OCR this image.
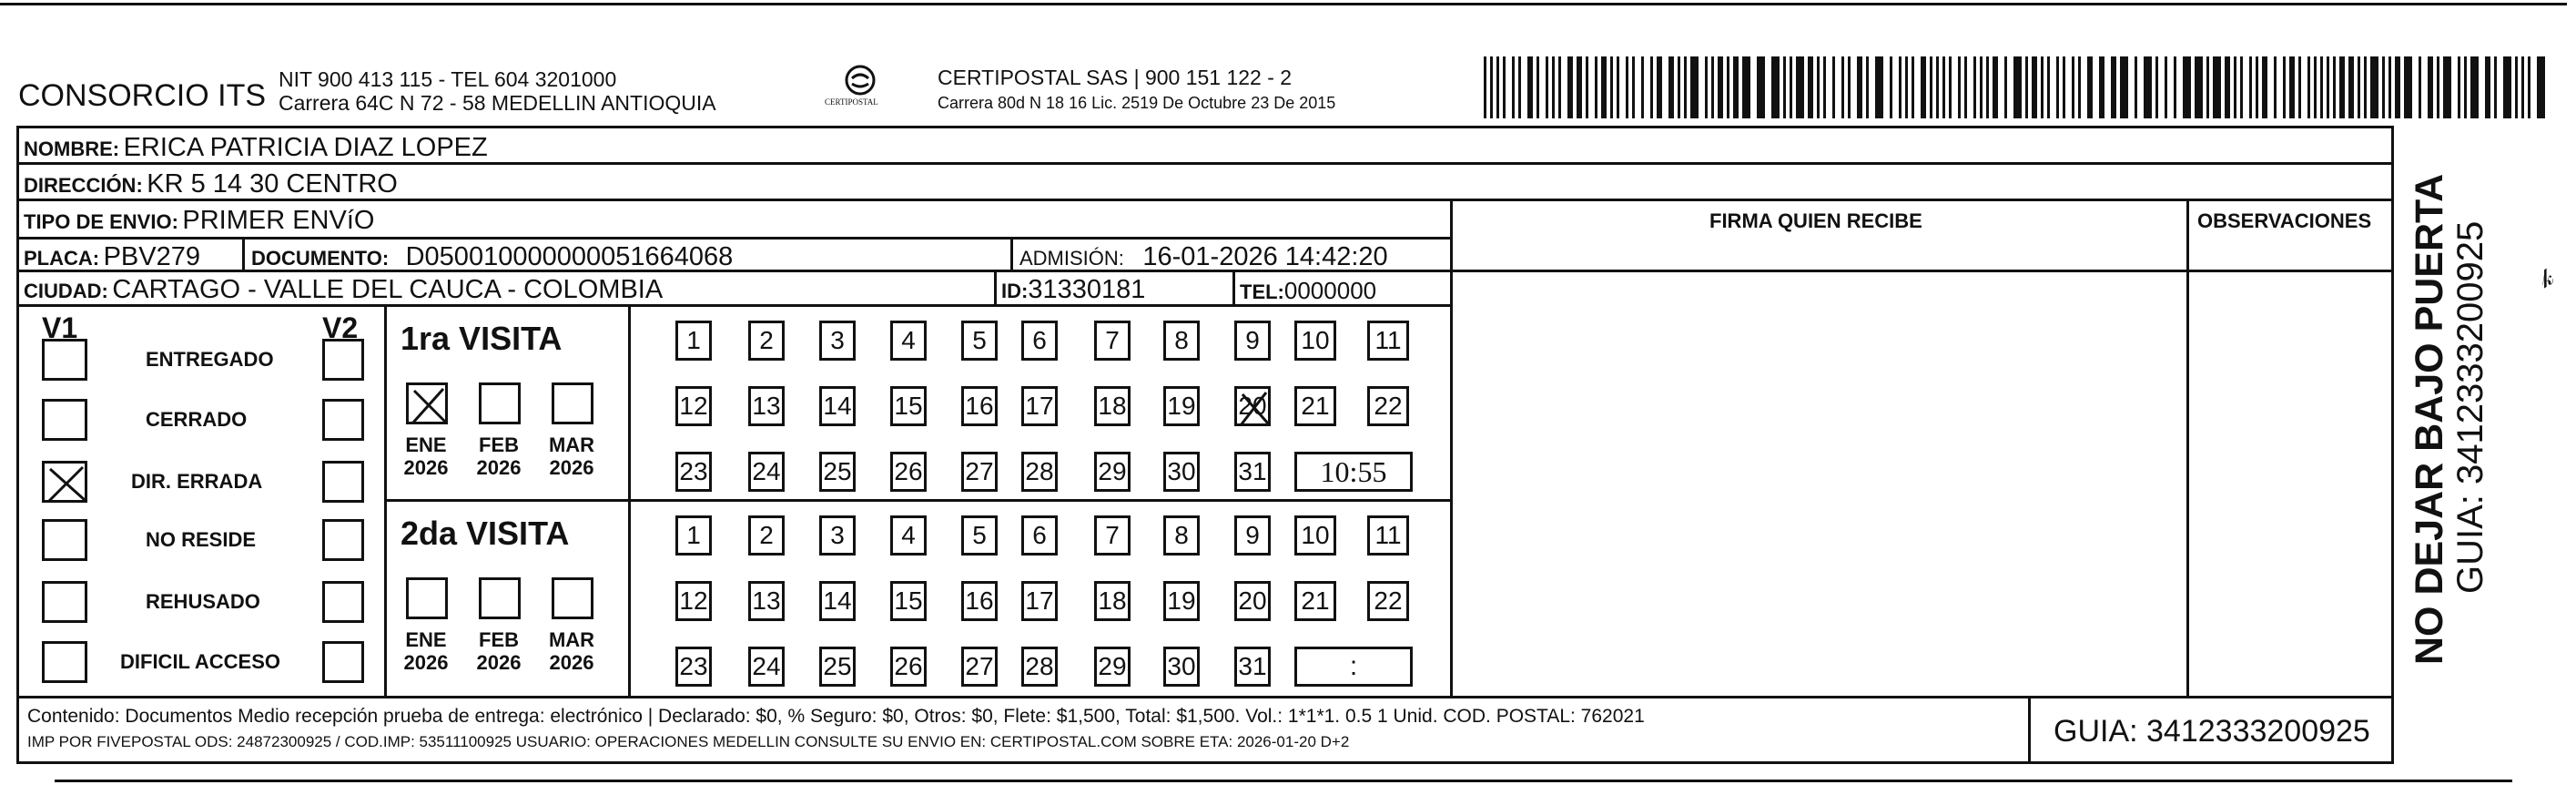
CONSORCIO ITS NIT 900 413 115 - TEL 604 3201000
Carrera 64C N 72 - 58 MEDELLIN ANTIOQUIA	CERTIPOSTAL
CERTIPOSTAL SAS | 900 151 122 - 2
Carrera 80d N 18 16 Lic. 2519 De Octubre 23 De 2015
NOMBRE: ERICA PATRICIA DIAZ LOPEZ
DIRECCIÓN: KR 5 14 30 CENTRO
TIPO DE ENVIO: PRIMER ENVíO	FIRMA QUIEN RECIBE	OBSERVACIONES
PLACA: PBV279	DOCUMENTO: D050010000000051664068	ADMISIÓN: 16-01-2026 14:42:20
CIUDAD: CARTAGO - VALLE DEL CAUCA - COLOMBIA	ID:31330181	TEL:0000000
V1	V2
ENTREGADO
CERRADO
DIR. ERRADA
NO RESIDE
REHUSADO
DIFICIL ACCESO
1ra VISITA
ENE
2026
FEB
2026
MAR
2026
1	2	3	4	5	6	7	8	9	10	11
12 13 14 15 16 17 18 19 20 21 22
23 24 25 26 27 28 29 30 31 10:55
2da VISITA
ENE
2026
FEB
2026
MAR
2026
1	2	3	4	5	6	7	8	9	10	11
12 13 14 15 16 17 18 19 20 21 22
23 24 25 26 27 28 29 30 31	:
Contenido: Documentos Medio recepción prueba de entrega: electrónico | Declarado: $0, % Seguro: $0, Otros: $0, Flete: $1,500, Total: $1,500. Vol.: 1*1*1. 0.5 1 Unid. COD. POSTAL: 762021
IMP POR FIVEPOSTAL ODS: 24872300925 / COD.IMP: 53511100925 USUARIO: OPERACIONES MEDELLIN CONSULTE SU ENVIO EN: CERTIPOSTAL.COM SOBRE ETA: 2026-01-20 D+2	GUIA: 3412333200925
NO DEJAR BAJO PUERTA GUIA: 3412333200925 𝓀
